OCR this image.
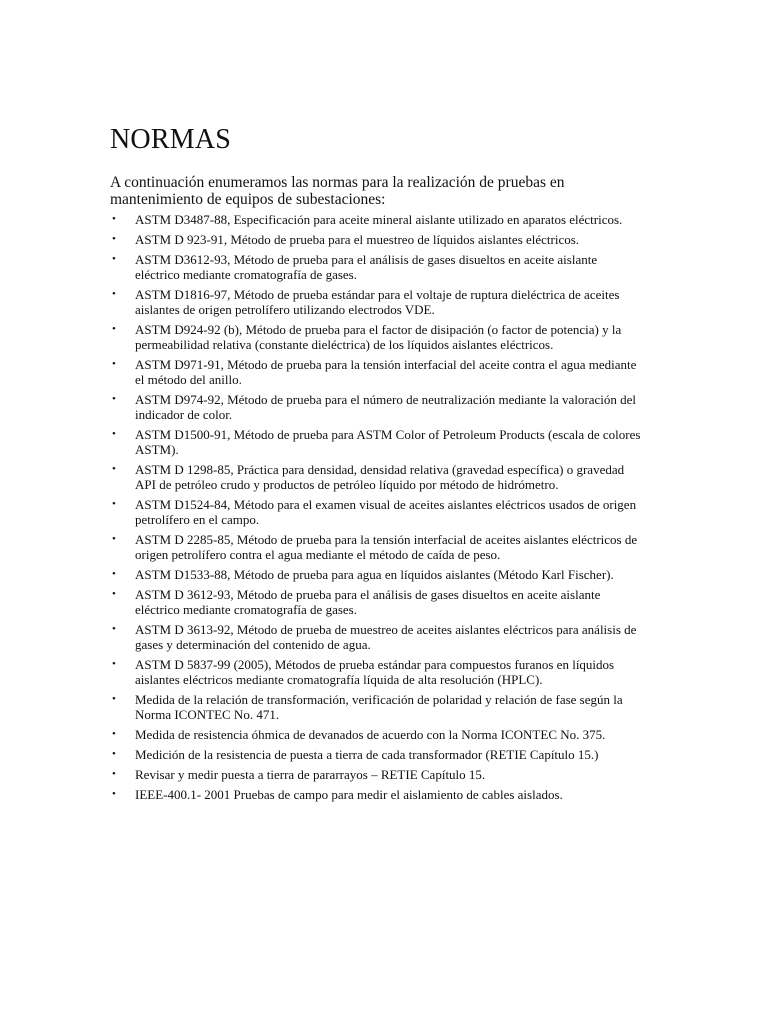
NORMAS

A continuación enumeramos las normas para la realización de pruebas en mantenimiento de equipos de subestaciones:

• ASTM D3487-88, Especificación para aceite mineral aislante utilizado en aparatos eléctricos.
• ASTM D 923-91, Método de prueba para el muestreo de líquidos aislantes eléctricos.
• ASTM D3612-93, Método de prueba para el análisis de gases disueltos en aceite aislante eléctrico mediante cromatografía de gases.
• ASTM D1816-97, Método de prueba estándar para el voltaje de ruptura dieléctrica de aceites aislantes de origen petrolífero utilizando electrodos VDE.
• ASTM D924-92 (b), Método de prueba para el factor de disipación (o factor de potencia) y la permeabilidad relativa (constante dieléctrica) de los líquidos aislantes eléctricos.
• ASTM D971-91, Método de prueba para la tensión interfacial del aceite contra el agua mediante el método del anillo.
• ASTM D974-92, Método de prueba para el número de neutralización mediante la valoración del indicador de color.
• ASTM D1500-91, Método de prueba para ASTM Color of Petroleum Products (escala de colores ASTM).
• ASTM D 1298-85, Práctica para densidad, densidad relativa (gravedad específica) o gravedad API de petróleo crudo y productos de petróleo líquido por método de hidrómetro.
• ASTM D1524-84, Método para el examen visual de aceites aislantes eléctricos usados de origen petrolífero en el campo.
• ASTM D 2285-85, Método de prueba para la tensión interfacial de aceites aislantes eléctricos de origen petrolífero contra el agua mediante el método de caída de peso.
• ASTM D1533-88, Método de prueba para agua en líquidos aislantes (Método Karl Fischer).
• ASTM D 3612-93, Método de prueba para el análisis de gases disueltos en aceite aislante eléctrico mediante cromatografía de gases.
• ASTM D 3613-92, Método de prueba de muestreo de aceites aislantes eléctricos para análisis de gases y determinación del contenido de agua.
• ASTM D 5837-99 (2005), Métodos de prueba estándar para compuestos furanos en líquidos aislantes eléctricos mediante cromatografía líquida de alta resolución (HPLC).
• Medida de la relación de transformación, verificación de polaridad y relación de fase según la Norma ICONTEC No. 471.
• Medida de resistencia óhmica de devanados de acuerdo con la Norma ICONTEC No. 375.
• Medición de la resistencia de puesta a tierra de cada transformador (RETIE Capítulo 15.)
• Revisar y medir puesta a tierra de pararrayos – RETIE Capítulo 15.
• IEEE-400.1- 2001 Pruebas de campo para medir el aislamiento de cables aislados.
